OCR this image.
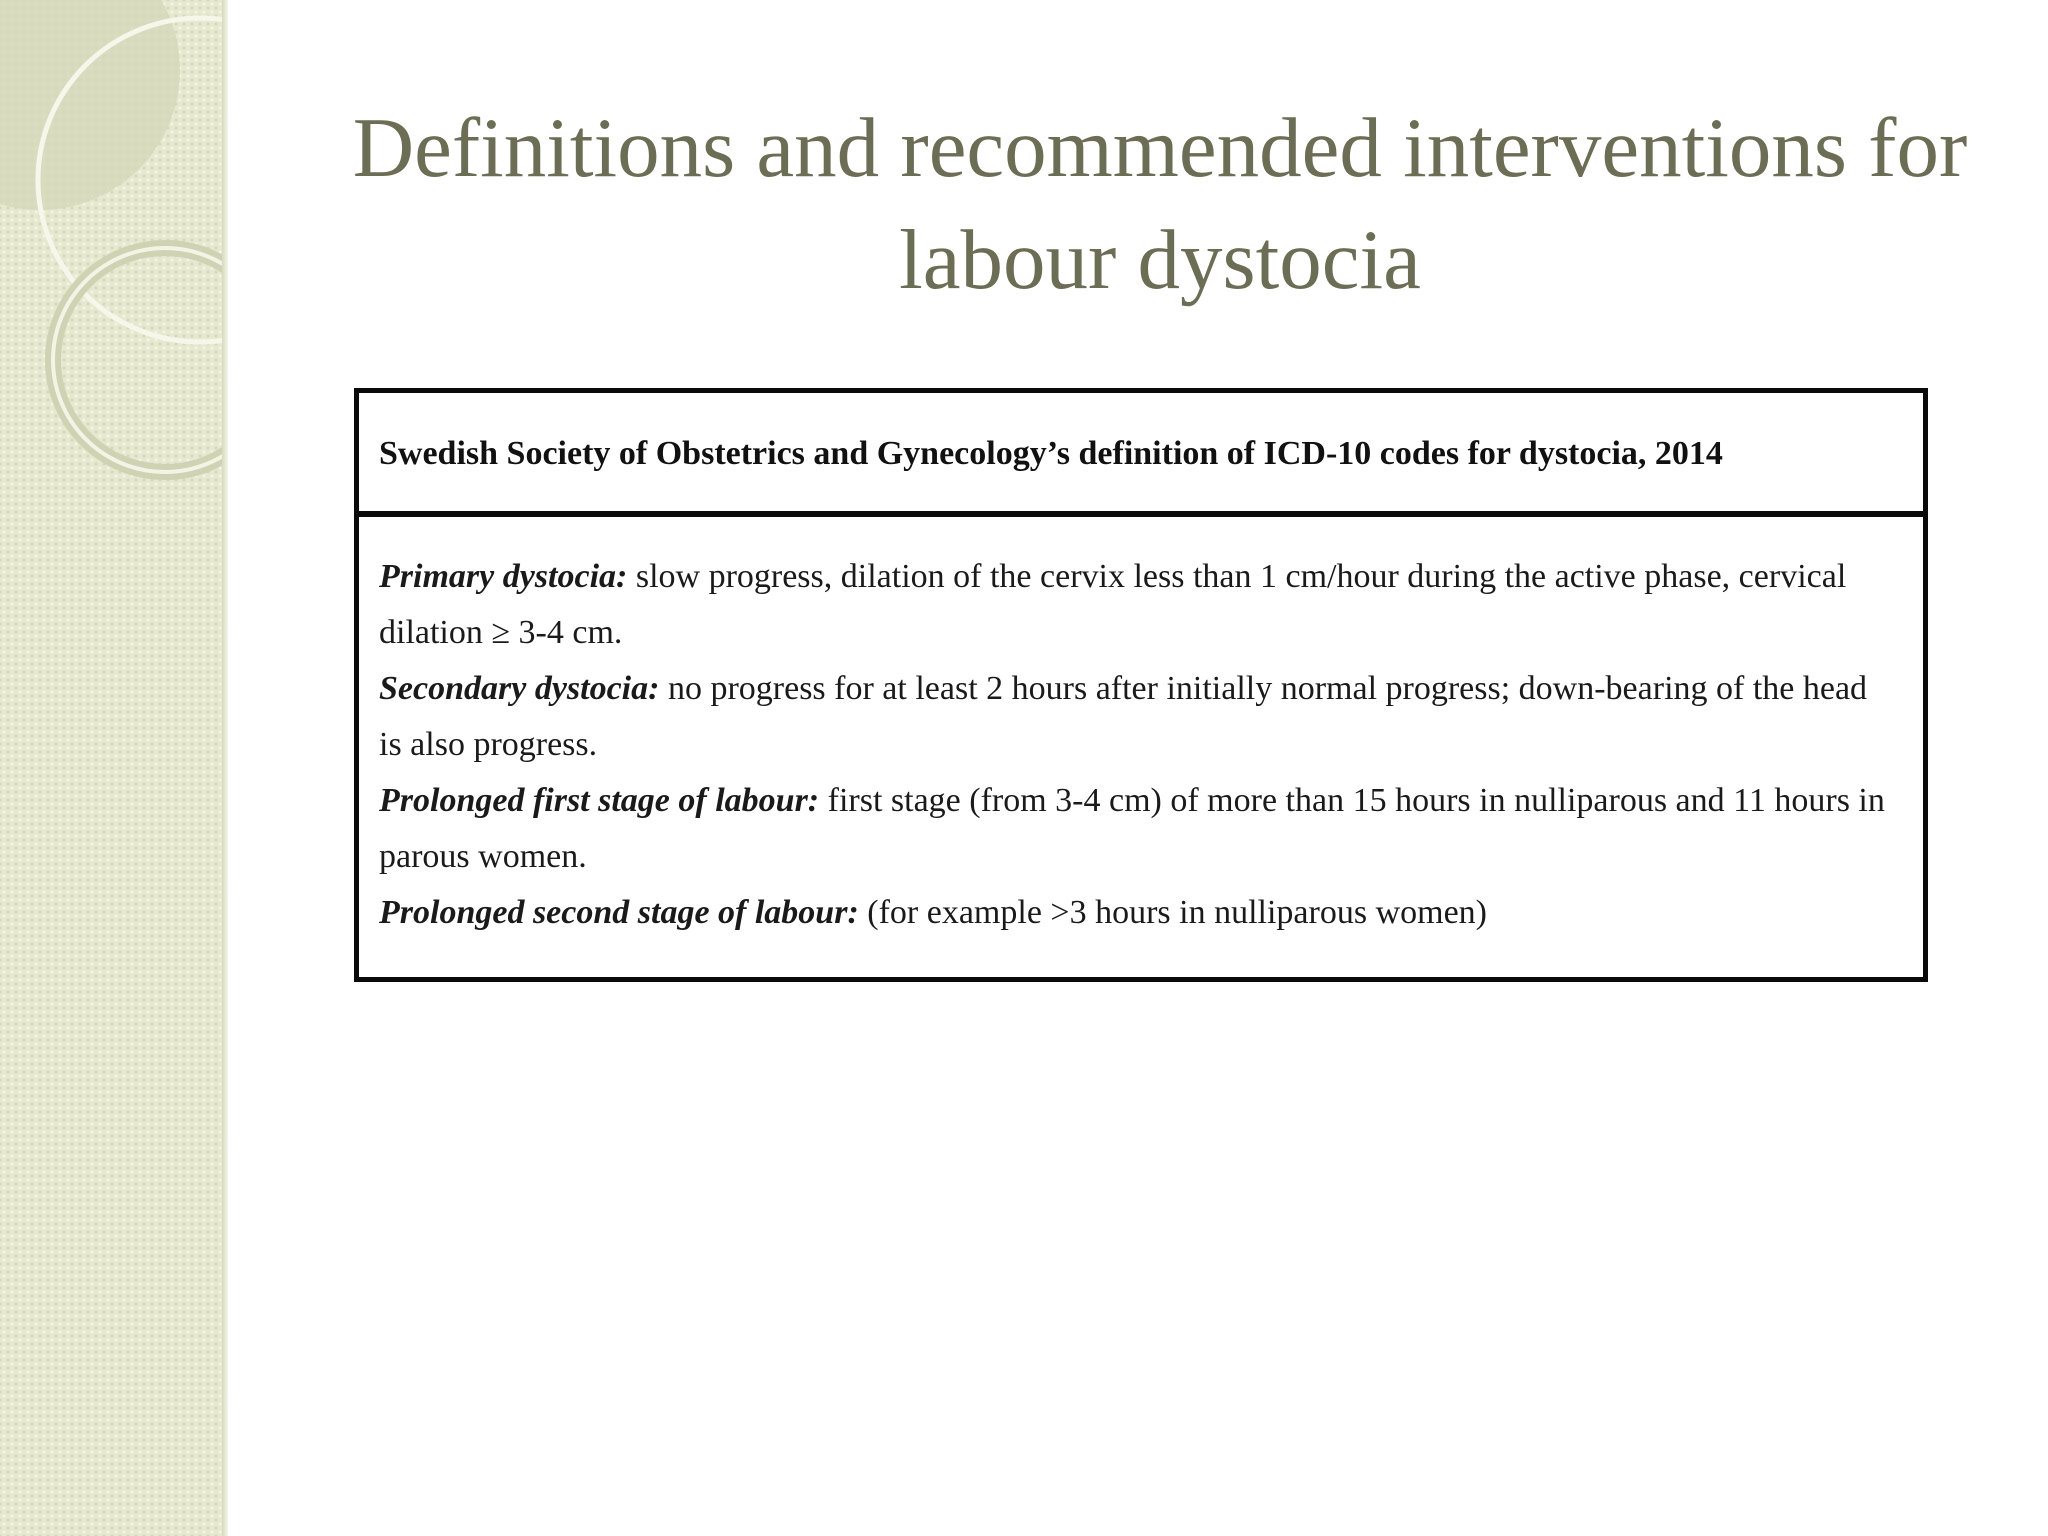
Definitions and recommended interventions for labour dystocia
Swedish Society of Obstetrics and Gynecology’s definition of ICD-10 codes for dystocia, 2014

Primary dystocia: slow progress, dilation of the cervix less than 1 cm/hour during the active phase, cervical dilation ≥ 3-4 cm.

Secondary dystocia: no progress for at least 2 hours after initially normal progress; down-bearing of the head is also progress.

Prolonged first stage of labour: first stage (from 3-4 cm) of more than 15 hours in nulliparous and 11 hours in parous women.

Prolonged second stage of labour: (for example >3 hours in nulliparous women)
